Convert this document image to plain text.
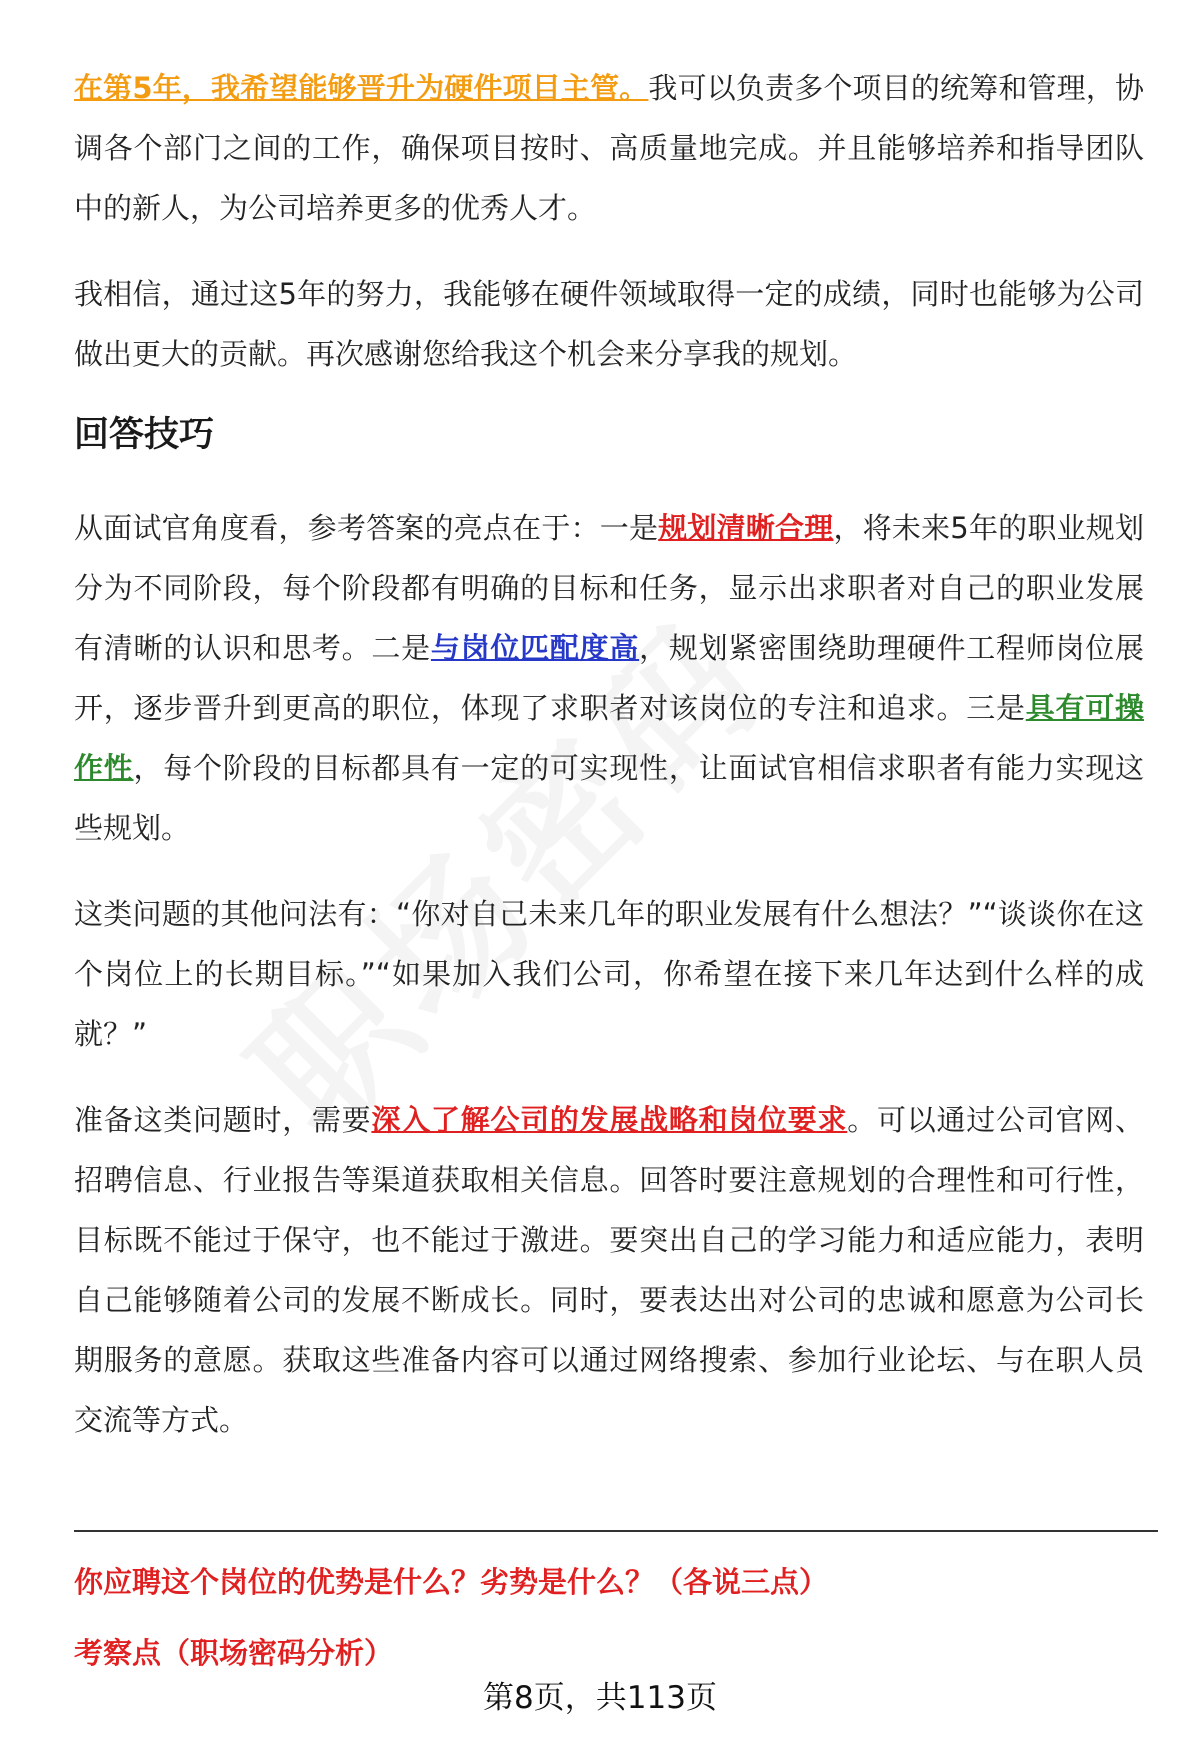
在第5年，我希望能够晋升为硬件项目主管。我可以负责多个项目的统筹和管理，协调各个部门之间的工作，确保项目按时、高质量地完成。并且能够培养和指导团队中的新人，为公司培养更多的优秀人才。

我相信，通过这5年的努力，我能够在硬件领域取得一定的成绩，同时也能够为公司做出更大的贡献。再次感谢您给我这个机会来分享我的规划。

回答技巧

从面试官角度看，参考答案的亮点在于：一是规划清晰合理，将未来5年的职业规划分为不同阶段，每个阶段都有明确的目标和任务，显示出求职者对自己的职业发展有清晰的认识和思考。二是与岗位匹配度高，规划紧密围绕助理硬件工程师岗位展开，逐步晋升到更高的职位，体现了求职者对该岗位的专注和追求。三是具有可操作性，每个阶段的目标都具有一定的可实现性，让面试官相信求职者有能力实现这些规划。

这类问题的其他问法有：“你对自己未来几年的职业发展有什么想法？”“谈谈你在这个岗位上的长期目标。”“如果加入我们公司，你希望在接下来几年达到什么样的成就？”

准备这类问题时，需要深入了解公司的发展战略和岗位要求。可以通过公司官网、招聘信息、行业报告等渠道获取相关信息。回答时要注意规划的合理性和可行性，目标既不能过于保守，也不能过于激进。要突出自己的学习能力和适应能力，表明自己能够随着公司的发展不断成长。同时，要表达出对公司的忠诚和愿意为公司长期服务的意愿。获取这些准备内容可以通过网络搜索、参加行业论坛、与在职人员交流等方式。

你应聘这个岗位的优势是什么？劣势是什么？（各说三点）
考察点（职场密码分析）
第8页，共113页
